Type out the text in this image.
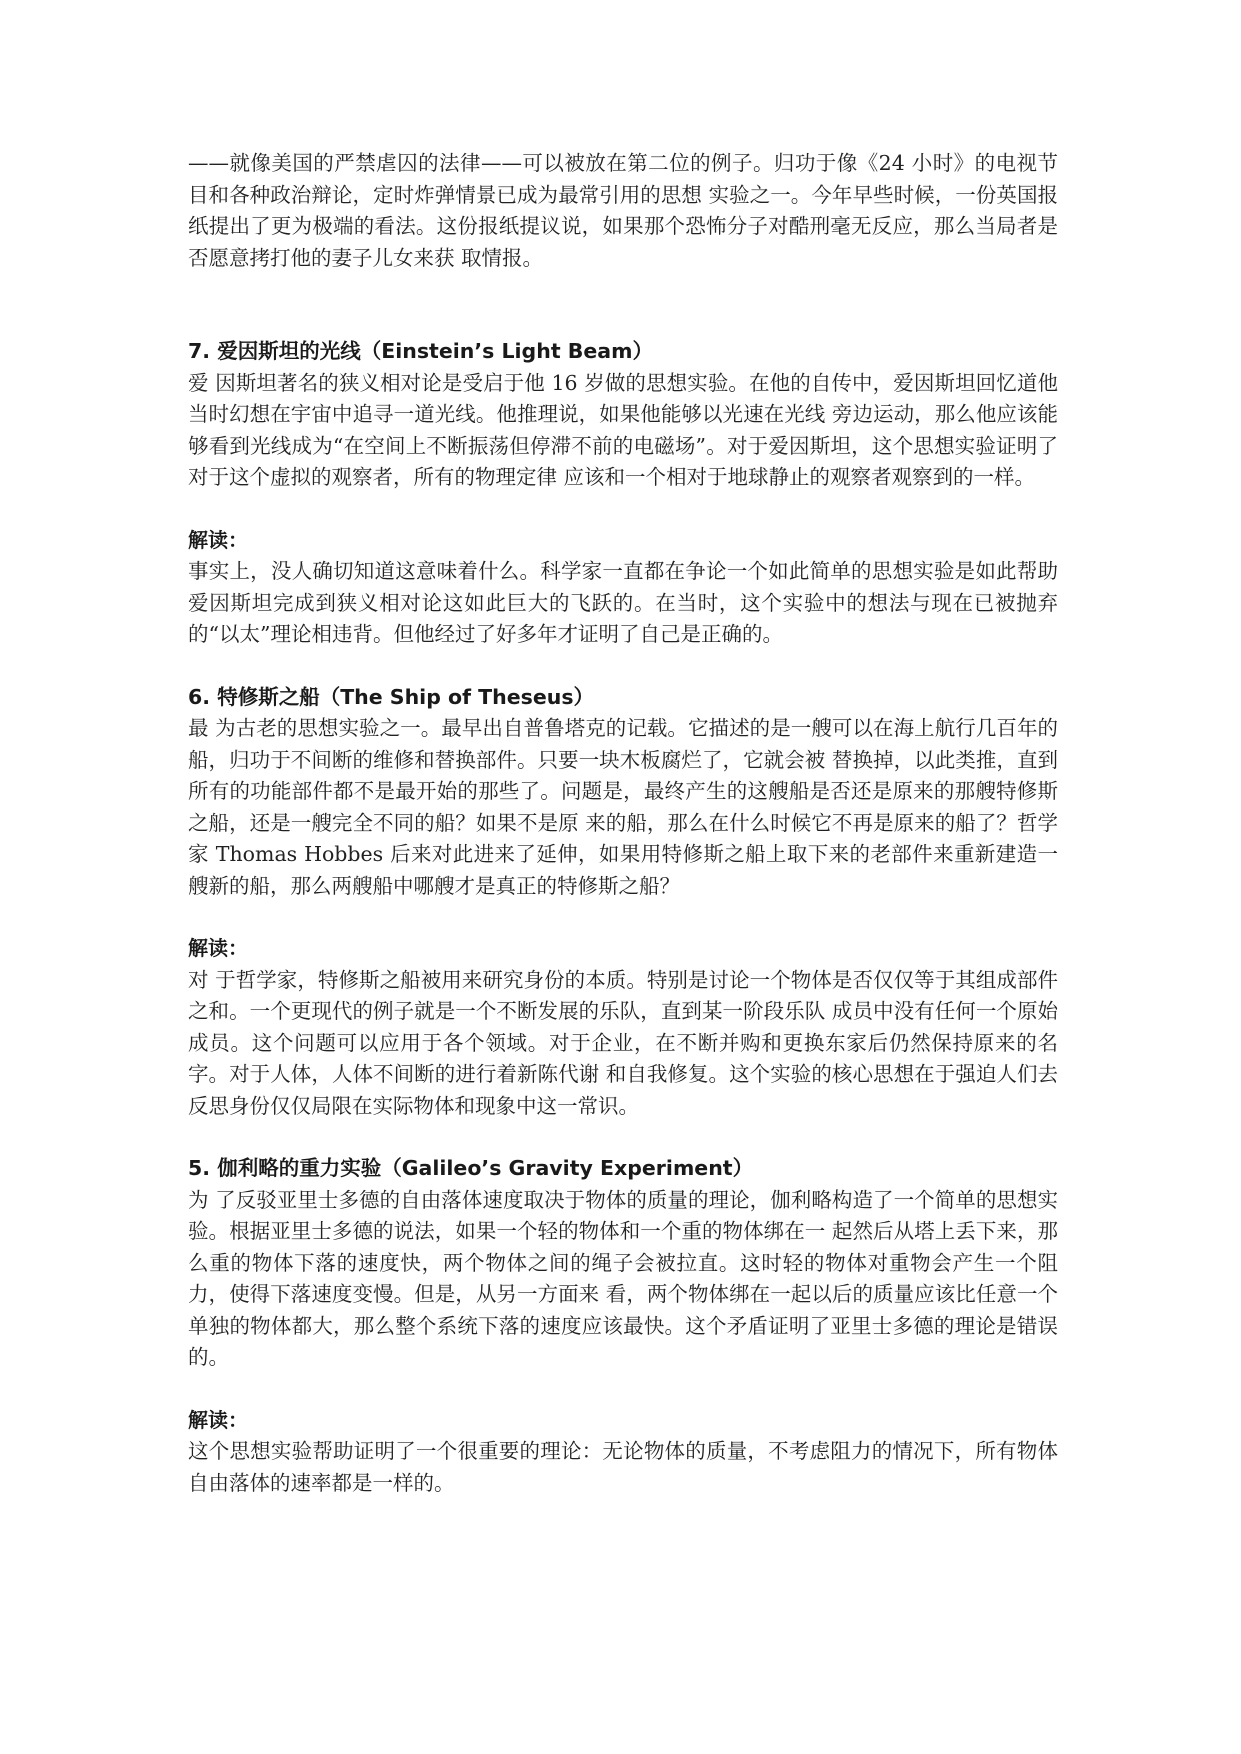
——就像美国的严禁虐囚的法律——可以被放在第二位的例子。归功于像《24 小时》的电视节目和各种政治辩论，定时炸弹情景已成为最常引用的思想 实验之一。今年早些时候，一份英国报纸提出了更为极端的看法。这份报纸提议说，如果那个恐怖分子对酷刑毫无反应，那么当局者是否愿意拷打他的妻子儿女来获 取情报。

7. 爱因斯坦的光线（Einstein’s Light Beam）

爱 因斯坦著名的狭义相对论是受启于他 16 岁做的思想实验。在他的自传中，爱因斯坦回忆道他当时幻想在宇宙中追寻一道光线。他推理说，如果他能够以光速在光线 旁边运动，那么他应该能够看到光线成为“在空间上不断振荡但停滞不前的电磁场”。对于爱因斯坦，这个思想实验证明了对于这个虚拟的观察者，所有的物理定律 应该和一个相对于地球静止的观察者观察到的一样。

解读：

事实上，没人确切知道这意味着什么。科学家一直都在争论一个如此简单的思想实验是如此帮助爱因斯坦完成到狭义相对论这如此巨大的飞跃的。在当时，这个实验中的想法与现在已被抛弃的“以太”理论相违背。但他经过了好多年才证明了自己是正确的。

6. 特修斯之船（The Ship of Theseus）

最 为古老的思想实验之一。最早出自普鲁塔克的记载。它描述的是一艘可以在海上航行几百年的船，归功于不间断的维修和替换部件。只要一块木板腐烂了，它就会被 替换掉，以此类推，直到所有的功能部件都不是最开始的那些了。问题是，最终产生的这艘船是否还是原来的那艘特修斯之船，还是一艘完全不同的船？如果不是原 来的船，那么在什么时候它不再是原来的船了？哲学家 Thomas Hobbes 后来对此进来了延伸，如果用特修斯之船上取下来的老部件来重新建造一艘新的船，那么两艘船中哪艘才是真正的特修斯之船？

解读：

对 于哲学家，特修斯之船被用来研究身份的本质。特别是讨论一个物体是否仅仅等于其组成部件之和。一个更现代的例子就是一个不断发展的乐队，直到某一阶段乐队 成员中没有任何一个原始成员。这个问题可以应用于各个领域。对于企业，在不断并购和更换东家后仍然保持原来的名字。对于人体，人体不间断的进行着新陈代谢 和自我修复。这个实验的核心思想在于强迫人们去反思身份仅仅局限在实际物体和现象中这一常识。

5. 伽利略的重力实验（Galileo’s Gravity Experiment）

为 了反驳亚里士多德的自由落体速度取决于物体的质量的理论，伽利略构造了一个简单的思想实验。根据亚里士多德的说法，如果一个轻的物体和一个重的物体绑在一 起然后从塔上丢下来，那么重的物体下落的速度快，两个物体之间的绳子会被拉直。这时轻的物体对重物会产生一个阻力，使得下落速度变慢。但是，从另一方面来 看，两个物体绑在一起以后的质量应该比任意一个单独的物体都大，那么整个系统下落的速度应该最快。这个矛盾证明了亚里士多德的理论是错误的。

解读：

这个思想实验帮助证明了一个很重要的理论：无论物体的质量，不考虑阻力的情况下，所有物体自由落体的速率都是一样的。
